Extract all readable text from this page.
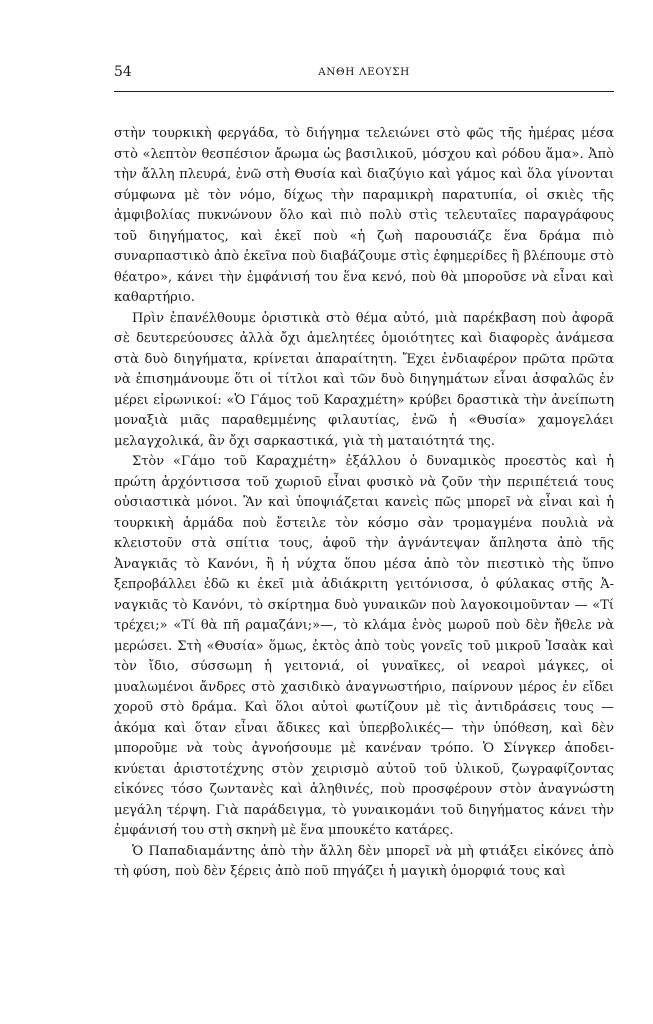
54	ΑΝΘΗ ΛΕΟΥΣΗ

στὴν τουρκικὴ φεργάδα, τὸ διήγημα τελειώνει στὸ φῶς τῆς ἡμέρας μέσα στὸ «λεπτὸν θεσπέσιον ἄρωμα ὡς βασιλικοῦ, μόσχου καὶ ρόδου ἅμα». Ἀπὸ τὴν ἄλλη πλευρά, ἐνῶ στὴ Θυσία καὶ διαζύγιο καὶ γάμος καὶ ὅλα γίνονται σύμφωνα μὲ τὸν νόμο, δίχως τὴν παραμικρὴ παρατυπία, οἱ σκιὲς τῆς ἀμφιβολίας πυκνώνουν ὅλο καὶ πιὸ πολὺ στὶς τελευταῖες παραγράφους τοῦ διηγήματος, καὶ ἐκεῖ ποὺ «ἡ ζωὴ παρουσιάζε ἕνα δράμα πιὸ συναρπαστικὸ ἀπὸ ἐκεῖνα ποὺ διαβάζουμε στὶς ἐφημερίδες ἢ βλέπουμε στὸ θέατρο», κάνει τὴν ἐμφάνισή του ἕνα κενό, ποὺ θὰ μποροῦσε νὰ εἶναι καὶ καθαρτήριο.

Πρὶν ἐπανέλθουμε ὁριστικὰ στὸ θέμα αὐτό, μιὰ παρέκβαση ποὺ ἀφορᾶ σὲ δευτερεύουσες ἀλλὰ ὄχι ἀμελητέες ὁμοιότητες καὶ διαφορὲς ἀνάμεσα στὰ δυὸ διηγήματα, κρίνεται ἀπαραίτητη. Ἔχει ἐνδιαφέρον πρῶτα πρῶτα νὰ ἐπισημάνουμε ὅτι οἱ τίτλοι καὶ τῶν δυὸ διηγημάτων εἶναι ἀσφαλῶς ἐν μέρει εἰρωνικοί: «Ὁ Γάμος τοῦ Καραχμέτη» κρύβει δραστικὰ τὴν ἀνείπωτη μοναξιὰ μιᾶς παραθεμμένης φιλαυτίας, ἐνῶ ἡ «Θυσία» χαμογελάει μελαγχολικά, ἂν ὄχι σαρκαστικά, γιὰ τὴ ματαιότητά της.

Στὸν «Γάμο τοῦ Καραχμέτη» ἐξάλλου ὁ δυναμικὸς προεστὸς καὶ ἡ πρώτη ἀρχόντισσα τοῦ χωριοῦ εἶναι φυσικὸ νὰ ζοῦν τὴν περιπέτειά τους οὐσιαστικὰ μόνοι. Ἂν καὶ ὑποψιάζεται κανεὶς πῶς μπορεῖ νὰ εἶναι καὶ ἡ τουρκικὴ ἀρμάδα ποὺ ἔστειλε τὸν κόσμο σὰν τρομαγμένα πουλιὰ νὰ κλειστοῦν στὰ σπίτια τους, ἀφοῦ τὴν ἀγνάντεψαν ἄπληστα ἀπὸ τῆς Ἀναγκιᾶς τὸ Κανόνι, ἢ ἡ νύχτα ὅπου μέσα ἀπὸ τὸν πιεστικὸ τὴς ὕπνο ξεπροβάλλει ἐδῶ κι ἐκεῖ μιὰ ἀδιάκριτη γειτόνισσα, ὁ φύλακας στῆς Ἀναγκιᾶς τὸ Κανόνι, τὸ σκίρτημα δυὸ γυναικῶν ποὺ λαγοκοιμοῦνταν — «Τί τρέχει;» «Τί θὰ πῆ ραμαζάνι;»—, τὸ κλάμα ἑνὸς μωροῦ ποὺ δὲν ἤθελε νὰ μερώσει. Στὴ «Θυσία» ὅμως, ἐκτὸς ἀπὸ τοὺς γονεῖς τοῦ μικροῦ Ἰσαὰκ καὶ τὸν ἴδιο, σύσσωμη ἡ γειτονιά, οἱ γυναῖκες, οἱ νεαροὶ μάγκες, οἱ μυαλωμένοι ἄνδρες στὸ χασιδικὸ ἀναγνωστήριο, παίρνουν μέρος ἐν εἴδει χοροῦ στὸ δράμα. Καὶ ὅλοι αὐτοὶ φωτίζουν μὲ τὶς ἀντιδράσεις τους —ἀκόμα καὶ ὅταν εἶναι ἄδικες καὶ ὑπερβολικές— τὴν ὑπόθεση, καὶ δὲν μποροῦμε νὰ τοὺς ἀγνοήσουμε μὲ κανέναν τρόπο. Ὁ Σίνγκερ ἀποδεικνύεται ἀριστοτέχνης στὸν χειρισμὸ αὐτοῦ τοῦ ὑλικοῦ, ζωγραφίζοντας εἰκόνες τόσο ζωντανὲς καὶ ἀληθινές, ποὺ προσφέρουν στὸν ἀναγνώστη μεγάλη τέρψη. Γιὰ παράδειγμα, τὸ γυναικομάνι τοῦ διηγήματος κάνει τὴν ἐμφάνισή του στὴ σκηνὴ μὲ ἕνα μπουκέτο κατάρες.

Ὁ Παπαδιαμάντης ἀπὸ τὴν ἄλλη δὲν μπορεῖ νὰ μὴ φτιάξει εἰκόνες ἀπὸ τὴ φύση, ποὺ δὲν ξέρεις ἀπὸ ποῦ πηγάζει ἡ μαγικὴ ὀμορφιά τους καὶ
